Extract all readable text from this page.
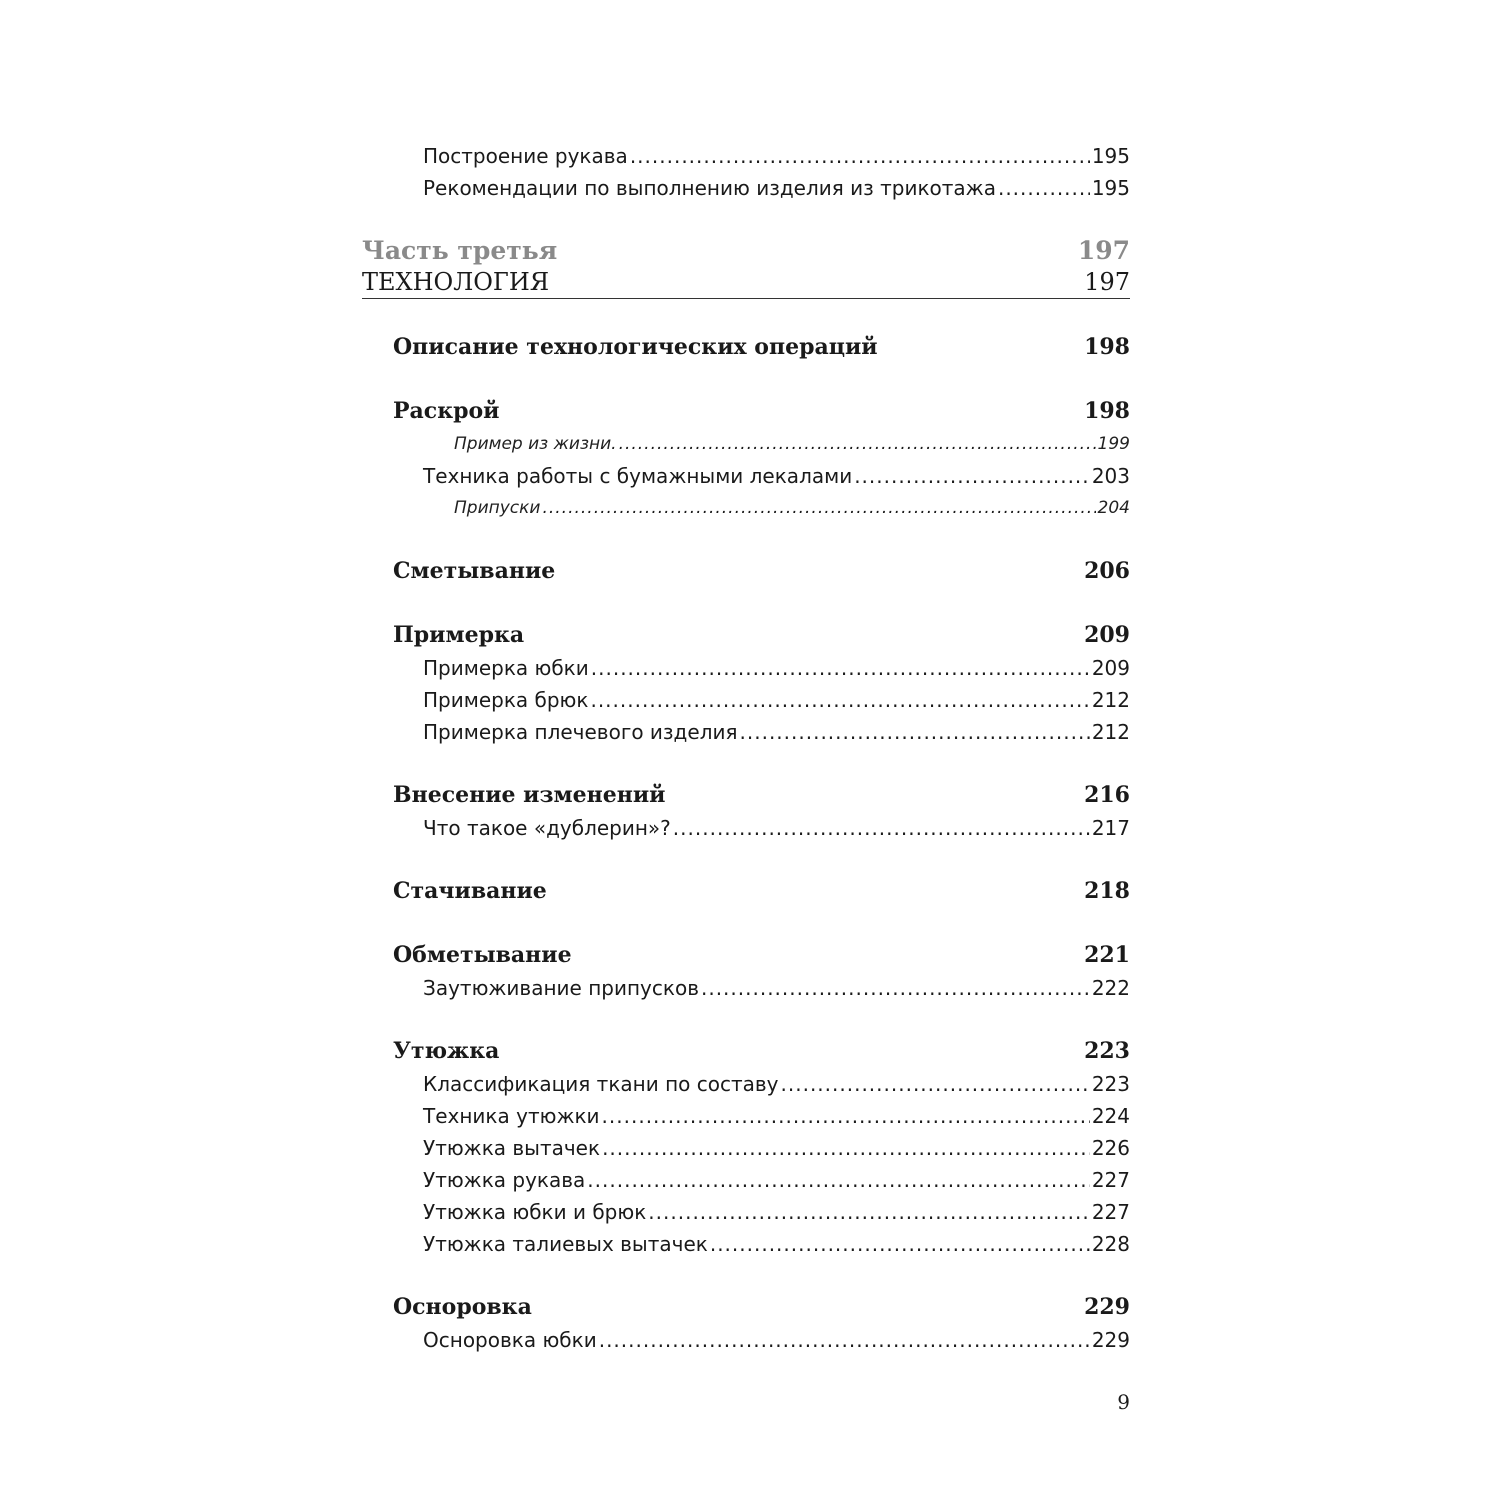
Построение рукава .....	195
Рекомендации по выполнению изделия из трикотажа .....	195
Часть третья	197
ТЕХНОЛОГИЯ	197
Описание технологических операций	198
Раскрой	198
Пример из жизни. .....	199
Техника работы с бумажными лекалами .....	203
Припуски .....	204
Сметывание	206
Примерка	209
Примерка юбки .....	209
Примерка брюк .....	212
Примерка плечевого изделия .....	212
Внесение изменений	216
Что такое «дублерин»? .....	217
Стачивание	218
Обметывание	221
Заутюживание припусков .....	222
Утюжка	223
Классификация ткани по составу .....	223
Техника утюжки .....	224
Утюжка вытачек .....	226
Утюжка рукава .....	227
Утюжка юбки и брюк .....	227
Утюжка талиевых вытачек .....	228
Осноровка	229
Осноровка юбки .....	229
9
